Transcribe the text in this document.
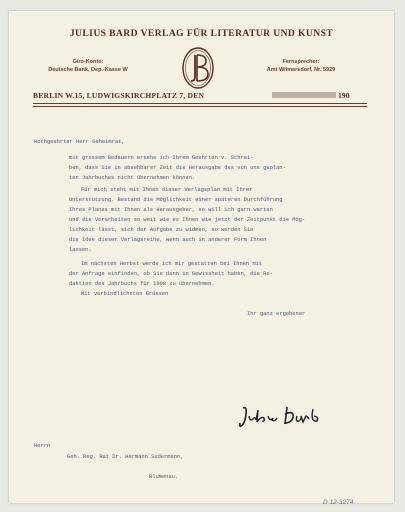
JULIUS BARD VERLAG FÜR LITERATUR UND KUNST
Giro-Konto:
Deutsche Bank, Dep.-Kasse W
Fernsprecher:
Amt Wilmersdorf, Nr. 5929
BERLIN W.15, LUDWIGSKIRCHPLATZ 7, DEN	190
Hochgeehrter Herr Geheimrat,
mit grossem Bedauern ersehe ich Ihrem Geehrten v. Schrei-
ben, dass Sie in absehbarer Zeit die Herausgabe des von uns geplan-
ten Jahrbuches nicht übernehmen können.
Für mich steht mit Ihnen dieser Verlagsplan mit Ihrer
Unterstützung. Bestand die Möglichkeit einer späteren Durchführung
Ihres Planes mit Ihnen als Herausgeber, so will ich gern warten
und die Vorarbeiten so weit wie es Ihnen wie jetzt der Zeitpunkt die Mög-
lichkeit lässt, sich der Aufgabe zu widmen, so werden Sie
die Idee dieser Verlagsreihe, wenn auch in anderer Form Ihnen
lassen.
Im nächsten Herbst werde ich mir gestatten bei Ihnen mit
der Anfrage einfinden, ob Sie dann in Gewissheit haben, die Re-
daktion des Jahrbuchs für 1908 zu übernehmen.
Mit verbindlichsten Grüssen
Ihr ganz ergebener
Herrn
Geh. Reg. Rat Dr. Hermann Sudermann,
Blumenau.
D 12-3274
